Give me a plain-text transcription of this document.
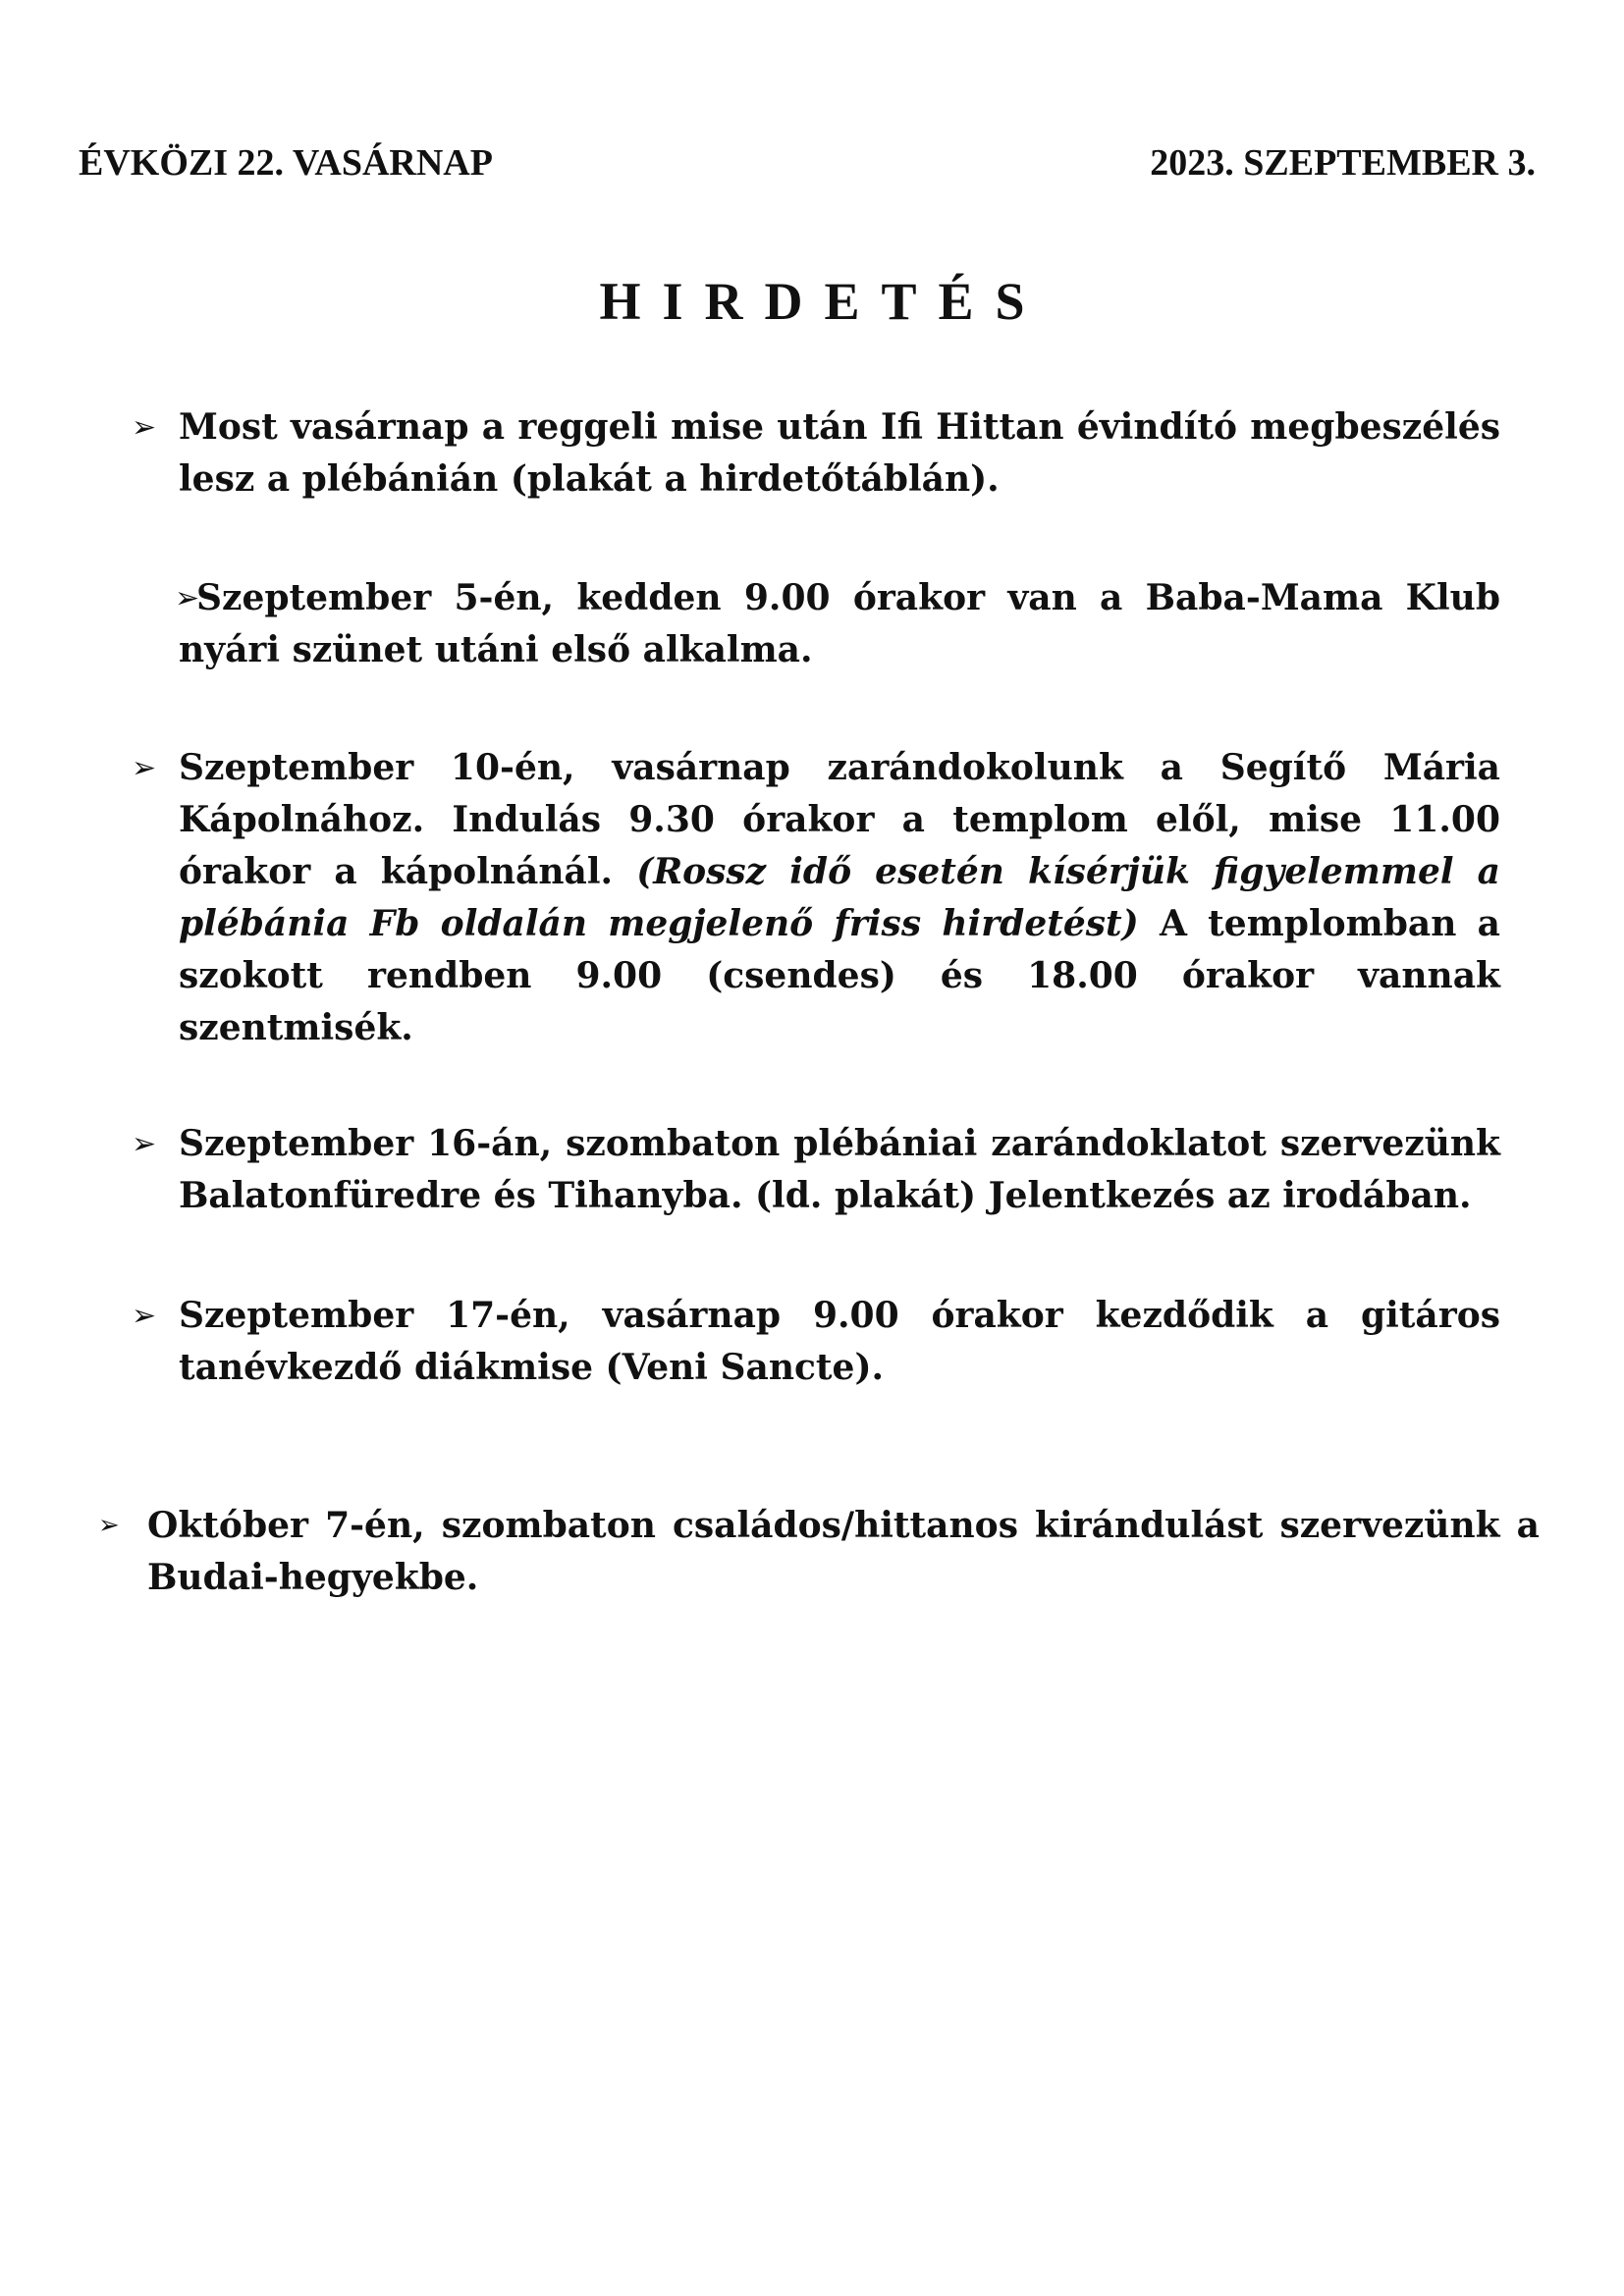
ÉVKÖZI 22. VASÁRNAP	2023. SZEPTEMBER 3.
HIRDETÉS
➢ Most vasárnap a reggeli mise után Ifi Hittan évindító megbeszélés lesz a plébánián (plakát a hirdetőtáblán).
➢
Szeptember 5-én, kedden 9.00 órakor van a Baba-Mama Klub nyári szünet utáni első alkalma.
➢ Szeptember 10-én, vasárnap zarándokolunk a Segítő Mária Kápolnához. Indulás 9.30 órakor a templom elől, mise 11.00 órakor a kápolnánál. (Rossz idő esetén kísérjük figyelemmel a plébánia Fb oldalán megjelenő friss hirdetést) A templomban a szokott rendben 9.00 (csendes) és 18.00 órakor vannak szentmisék.
➢ Szeptember 16-án, szombaton plébániai zarándoklatot szervezünk Balatonfüredre és Tihanyba. (ld. plakát) Jelentkezés az irodában.
➢ Szeptember 17-én, vasárnap 9.00 órakor kezdődik a gitáros tanévkezdő diákmise (Veni Sancte).
➢ Október 7-én, szombaton családos/hittanos kirándulást szervezünk a Budai-hegyekbe.
